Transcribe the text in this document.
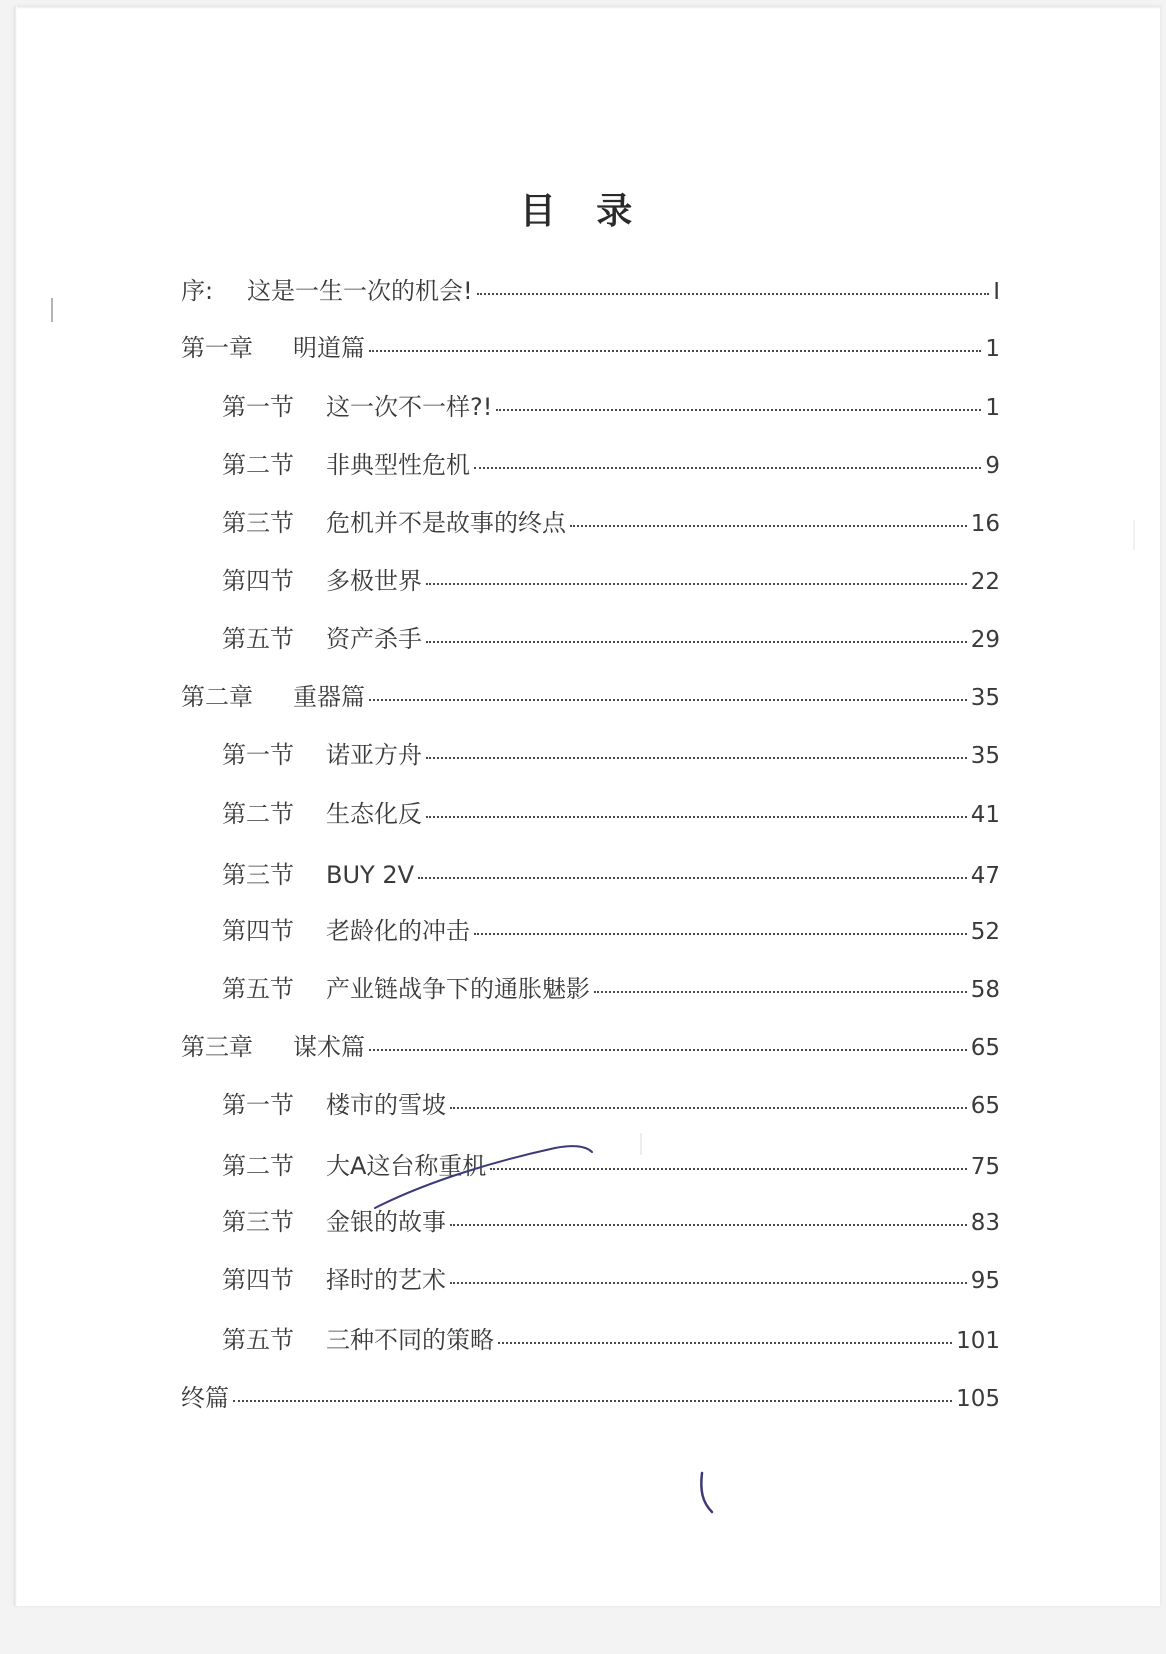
目 录
序:	这是一生一次的机会!	I
第一章	明道篇	1
第一节	这一次不一样?!	1
第二节	非典型性危机	9
第三节	危机并不是故事的终点	16
第四节	多极世界	22
第五节	资产杀手	29
第二章	重器篇	35
第一节	诺亚方舟	35
第二节	生态化反	41
第三节	BUY 2V	47
第四节	老龄化的冲击	52
第五节	产业链战争下的通胀魅影	58
第三章	谋术篇	65
第一节	楼市的雪坡	65
第二节	大A这台称重机	75
第三节	金银的故事	83
第四节	择时的艺术	95
第五节	三种不同的策略	101
终篇	105
